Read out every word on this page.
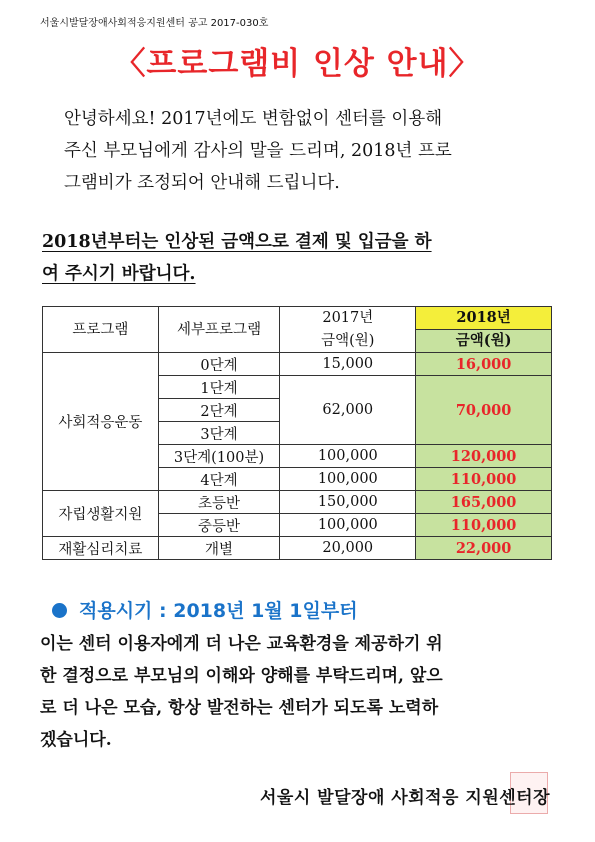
서울시발달장애사회적응지원센터 공고 2017-030호
〈프로그램비 인상 안내〉
안녕하세요! 2017년에도 변함없이 센터를 이용해
주신 부모님에게 감사의 말을 드리며, 2018년 프로
그램비가 조정되어 안내해 드립니다.
2018년부터는 인상된 금액으로 결제 및 입금을 하
여 주시기 바랍니다.
프로그램	세부프로그램	2017년	2018년
		금액(원)	금액(원)
사회적응운동	0단계	15,000	16,000
	1단계	62,000	70,000
	2단계		
	3단계		
	3단계(100분)	100,000	120,000
	4단계	100,000	110,000
자립생활지원	초등반	150,000	165,000
	중등반	100,000	110,000
재활심리치료	개별	20,000	22,000
적용시기 : 2018년 1월 1일부터
이는 센터 이용자에게 더 나은 교육환경을 제공하기 위
한 결정으로 부모님의 이해와 양해를 부탁드리며, 앞으
로 더 나은 모습, 항상 발전하는 센터가 되도록 노력하
겠습니다.
서울시 발달장애 사회적응 지원센터장
